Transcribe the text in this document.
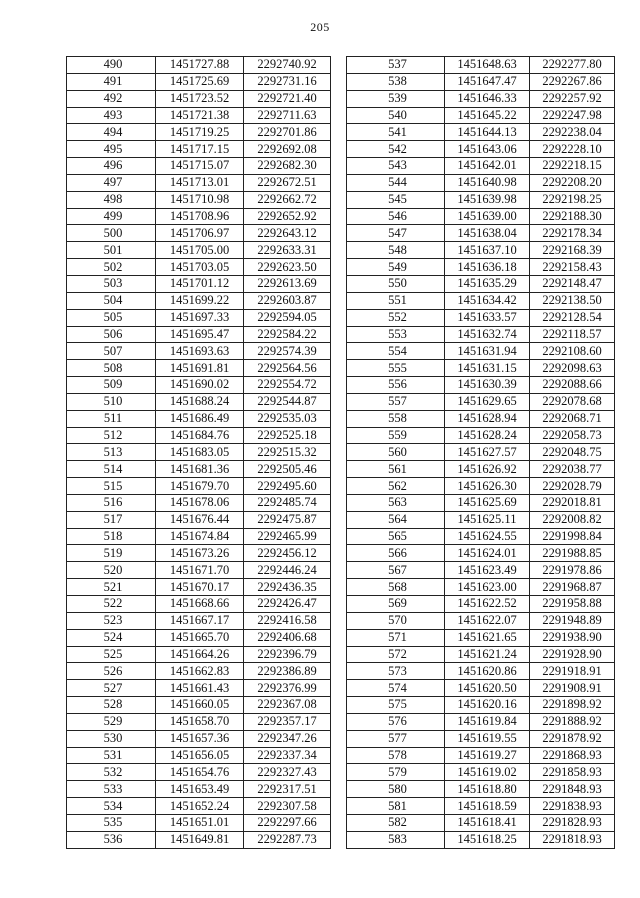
205
490	1451727.88	2292740.92
491	1451725.69	2292731.16
492	1451723.52	2292721.40
493	1451721.38	2292711.63
494	1451719.25	2292701.86
495	1451717.15	2292692.08
496	1451715.07	2292682.30
497	1451713.01	2292672.51
498	1451710.98	2292662.72
499	1451708.96	2292652.92
500	1451706.97	2292643.12
501	1451705.00	2292633.31
502	1451703.05	2292623.50
503	1451701.12	2292613.69
504	1451699.22	2292603.87
505	1451697.33	2292594.05
506	1451695.47	2292584.22
507	1451693.63	2292574.39
508	1451691.81	2292564.56
509	1451690.02	2292554.72
510	1451688.24	2292544.87
511	1451686.49	2292535.03
512	1451684.76	2292525.18
513	1451683.05	2292515.32
514	1451681.36	2292505.46
515	1451679.70	2292495.60
516	1451678.06	2292485.74
517	1451676.44	2292475.87
518	1451674.84	2292465.99
519	1451673.26	2292456.12
520	1451671.70	2292446.24
521	1451670.17	2292436.35
522	1451668.66	2292426.47
523	1451667.17	2292416.58
524	1451665.70	2292406.68
525	1451664.26	2292396.79
526	1451662.83	2292386.89
527	1451661.43	2292376.99
528	1451660.05	2292367.08
529	1451658.70	2292357.17
530	1451657.36	2292347.26
531	1451656.05	2292337.34
532	1451654.76	2292327.43
533	1451653.49	2292317.51
534	1451652.24	2292307.58
535	1451651.01	2292297.66
536	1451649.81	2292287.73
537	1451648.63	2292277.80
538	1451647.47	2292267.86
539	1451646.33	2292257.92
540	1451645.22	2292247.98
541	1451644.13	2292238.04
542	1451643.06	2292228.10
543	1451642.01	2292218.15
544	1451640.98	2292208.20
545	1451639.98	2292198.25
546	1451639.00	2292188.30
547	1451638.04	2292178.34
548	1451637.10	2292168.39
549	1451636.18	2292158.43
550	1451635.29	2292148.47
551	1451634.42	2292138.50
552	1451633.57	2292128.54
553	1451632.74	2292118.57
554	1451631.94	2292108.60
555	1451631.15	2292098.63
556	1451630.39	2292088.66
557	1451629.65	2292078.68
558	1451628.94	2292068.71
559	1451628.24	2292058.73
560	1451627.57	2292048.75
561	1451626.92	2292038.77
562	1451626.30	2292028.79
563	1451625.69	2292018.81
564	1451625.11	2292008.82
565	1451624.55	2291998.84
566	1451624.01	2291988.85
567	1451623.49	2291978.86
568	1451623.00	2291968.87
569	1451622.52	2291958.88
570	1451622.07	2291948.89
571	1451621.65	2291938.90
572	1451621.24	2291928.90
573	1451620.86	2291918.91
574	1451620.50	2291908.91
575	1451620.16	2291898.92
576	1451619.84	2291888.92
577	1451619.55	2291878.92
578	1451619.27	2291868.93
579	1451619.02	2291858.93
580	1451618.80	2291848.93
581	1451618.59	2291838.93
582	1451618.41	2291828.93
583	1451618.25	2291818.93
